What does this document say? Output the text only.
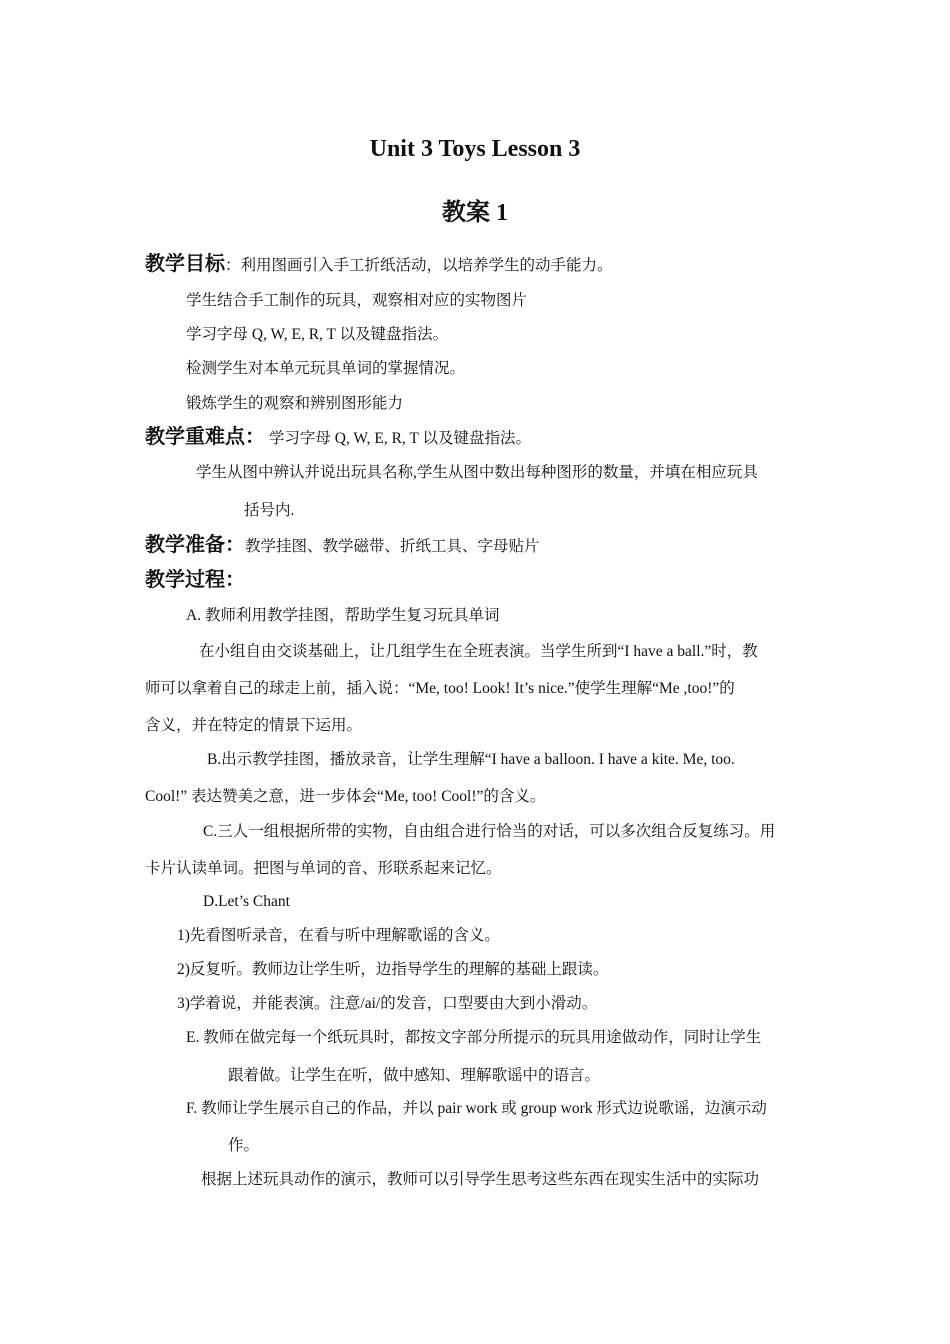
Unit 3 Toys Lesson 3
教案 1
教学目标：利用图画引入手工折纸活动，以培养学生的动手能力。
学生结合手工制作的玩具，观察相对应的实物图片
学习字母 Q, W, E, R, T 以及键盘指法。
检测学生对本单元玩具单词的掌握情况。
锻炼学生的观察和辨别图形能力
教学重难点： 学习字母 Q, W, E, R, T 以及键盘指法。
学生从图中辨认并说出玩具名称,学生从图中数出每种图形的数量，并填在相应玩具
括号内.
教学准备：教学挂图、教学磁带、折纸工具、字母贴片
教学过程：
A. 教师利用教学挂图，帮助学生复习玩具单词
在小组自由交谈基础上，让几组学生在全班表演。当学生所到“I have a ball.”时，教
师可以拿着自己的球走上前，插入说：“Me, too! Look! It’s nice.”使学生理解“Me ,too!”的
含义，并在特定的情景下运用。
B.出示教学挂图，播放录音，让学生理解“I have a balloon. I have a kite. Me, too.
Cool!” 表达赞美之意，进一步体会“Me, too! Cool!”的含义。
C.三人一组根据所带的实物，自由组合进行恰当的对话，可以多次组合反复练习。用
卡片认读单词。把图与单词的音、形联系起来记忆。
D.Let’s Chant
1)先看图听录音，在看与听中理解歌谣的含义。
2)反复听。教师边让学生听，边指导学生的理解的基础上跟读。
3)学着说，并能表演。注意/ai/的发音，口型要由大到小滑动。
E. 教师在做完每一个纸玩具时，都按文字部分所提示的玩具用途做动作，同时让学生
跟着做。让学生在听，做中感知、理解歌谣中的语言。
F. 教师让学生展示自己的作品，并以 pair work 或 group work 形式边说歌谣，边演示动
作。
根据上述玩具动作的演示，教师可以引导学生思考这些东西在现实生活中的实际功
